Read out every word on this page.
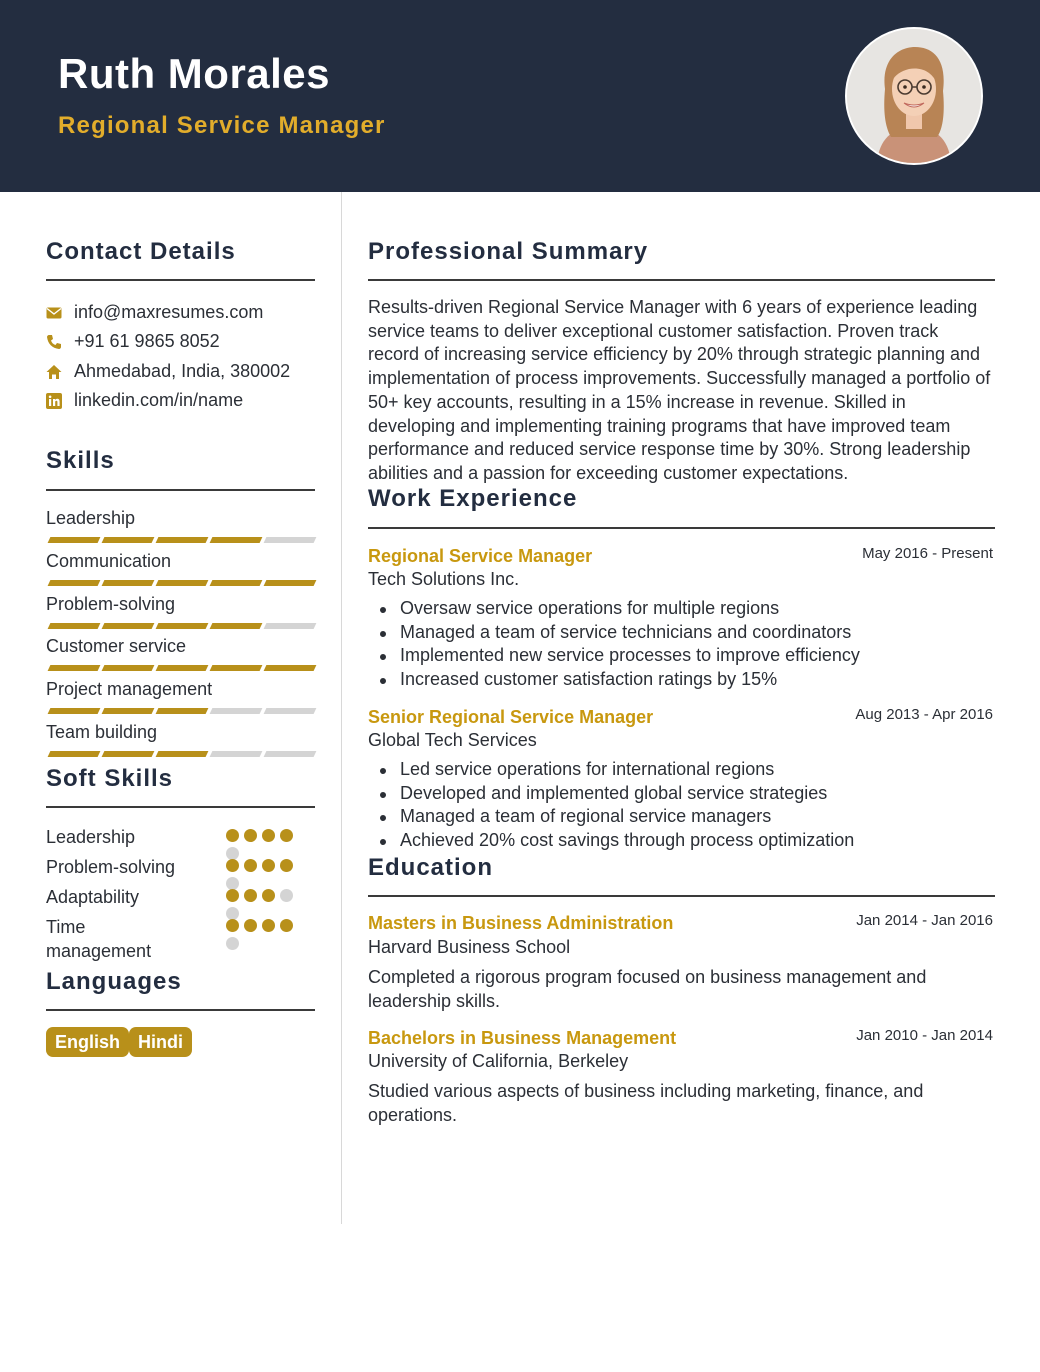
Ruth Morales
Regional Service Manager
Contact Details
info@maxresumes.com
+91 61 9865 8052
Ahmedabad, India, 380002
linkedin.com/in/name
Skills
Leadership
Communication
Problem-solving
Customer service
Project management
Team building
Soft Skills
Leadership
Problem-solving
Adaptability
Time management
Languages
English Hindi
Professional Summary
Results-driven Regional Service Manager with 6 years of experience leading service teams to deliver exceptional customer satisfaction. Proven track record of increasing service efficiency by 20% through strategic planning and implementation of process improvements. Successfully managed a portfolio of 50+ key accounts, resulting in a 15% increase in revenue. Skilled in developing and implementing training programs that have improved team performance and reduced service response time by 30%. Strong leadership abilities and a passion for exceeding customer expectations.
Work Experience
Regional Service Manager	May 2016 - Present
Tech Solutions Inc.
Oversaw service operations for multiple regions
Managed a team of service technicians and coordinators
Implemented new service processes to improve efficiency
Increased customer satisfaction ratings by 15%
Senior Regional Service Manager	Aug 2013 - Apr 2016
Global Tech Services
Led service operations for international regions
Developed and implemented global service strategies
Managed a team of regional service managers
Achieved 20% cost savings through process optimization
Education
Masters in Business Administration	Jan 2014 - Jan 2016
Harvard Business School
Completed a rigorous program focused on business management and leadership skills.
Bachelors in Business Management	Jan 2010 - Jan 2014
University of California, Berkeley
Studied various aspects of business including marketing, finance, and operations.
